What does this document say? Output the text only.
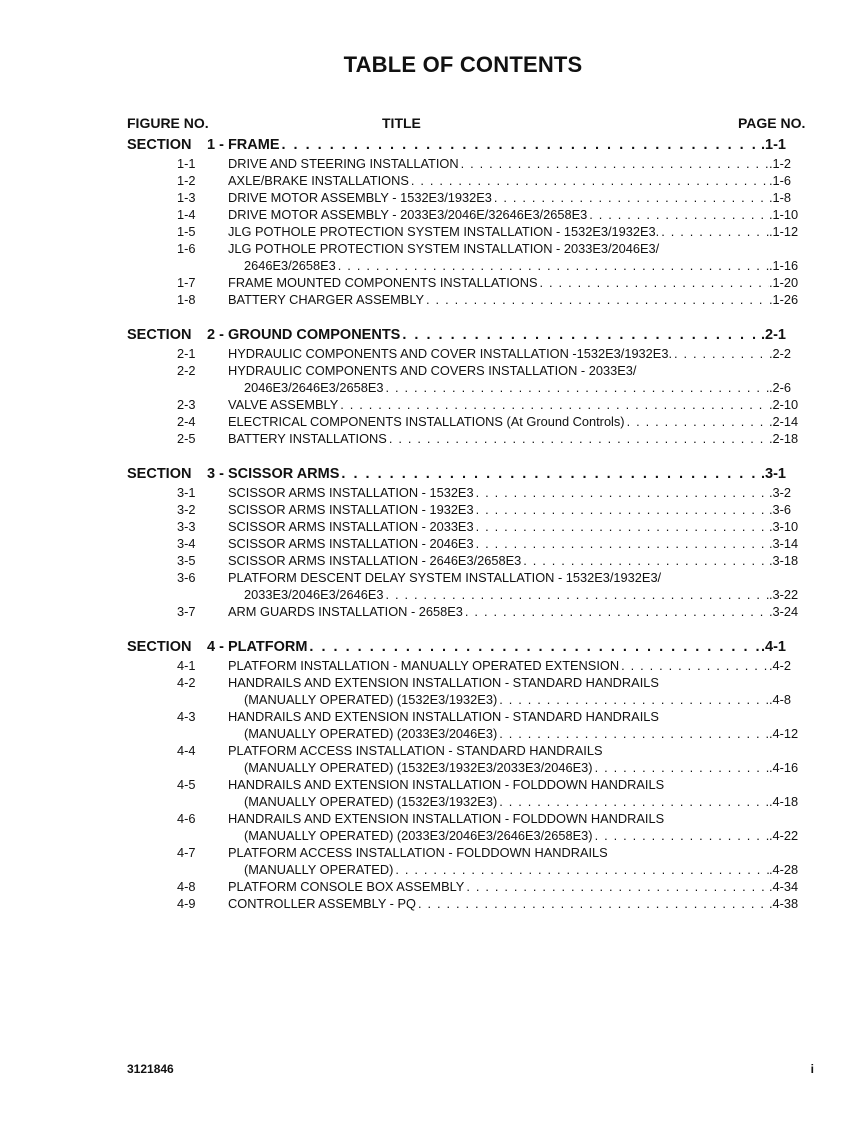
TABLE OF CONTENTS
FIGURE NO.	TITLE	PAGE NO.
SECTION	1 - FRAME . . .	.1-1
1-1	DRIVE AND STEERING INSTALLATION . . .	.1-2
1-2	AXLE/BRAKE INSTALLATIONS . . .	.1-6
1-3	DRIVE MOTOR ASSEMBLY - 1532E3/1932E3 . . .	.1-8
1-4	DRIVE MOTOR ASSEMBLY - 2033E3/2046E/32646E3/2658E3 . . .	.1-10
1-5	JLG POTHOLE PROTECTION SYSTEM INSTALLATION - 1532E3/1932E3. . . .	.1-12
1-6	JLG POTHOLE PROTECTION SYSTEM INSTALLATION - 2033E3/2046E3/
2646E3/2658E3 . . .	.1-16
1-7	FRAME MOUNTED COMPONENTS INSTALLATIONS . . .	.1-20
1-8	BATTERY CHARGER ASSEMBLY . . .	.1-26
SECTION	2 - GROUND COMPONENTS . . .	.2-1
2-1	HYDRAULIC COMPONENTS AND COVER INSTALLATION -1532E3/1932E3. . . .	.2-2
2-2	HYDRAULIC COMPONENTS AND COVERS INSTALLATION - 2033E3/
2046E3/2646E3/2658E3 . . .	.2-6
2-3	VALVE ASSEMBLY . . .	.2-10
2-4	ELECTRICAL COMPONENTS INSTALLATIONS (At Ground Controls) . . .	.2-14
2-5	BATTERY INSTALLATIONS . . .	.2-18
SECTION	3 - SCISSOR ARMS . . .	.3-1
3-1	SCISSOR ARMS INSTALLATION - 1532E3 . . .	.3-2
3-2	SCISSOR ARMS INSTALLATION - 1932E3 . . .	.3-6
3-3	SCISSOR ARMS INSTALLATION - 2033E3 . . .	.3-10
3-4	SCISSOR ARMS INSTALLATION - 2046E3 . . .	.3-14
3-5	SCISSOR ARMS INSTALLATION - 2646E3/2658E3 . . .	.3-18
3-6	PLATFORM DESCENT DELAY SYSTEM INSTALLATION - 1532E3/1932E3/
2033E3/2046E3/2646E3 . . .	.3-22
3-7	ARM GUARDS INSTALLATION - 2658E3 . . .	.3-24
SECTION	4 - PLATFORM . . .	.4-1
4-1	PLATFORM INSTALLATION - MANUALLY OPERATED EXTENSION . . .	.4-2
4-2	HANDRAILS AND EXTENSION INSTALLATION - STANDARD HANDRAILS
(MANUALLY OPERATED) (1532E3/1932E3) . . .	.4-8
4-3	HANDRAILS AND EXTENSION INSTALLATION - STANDARD HANDRAILS
(MANUALLY OPERATED) (2033E3/2046E3) . . .	.4-12
4-4	PLATFORM ACCESS INSTALLATION - STANDARD HANDRAILS
(MANUALLY OPERATED) (1532E3/1932E3/2033E3/2046E3) . . .	.4-16
4-5	HANDRAILS AND EXTENSION INSTALLATION - FOLDDOWN HANDRAILS
(MANUALLY OPERATED) (1532E3/1932E3) . . .	.4-18
4-6	HANDRAILS AND EXTENSION INSTALLATION - FOLDDOWN HANDRAILS
(MANUALLY OPERATED) (2033E3/2046E3/2646E3/2658E3) . . .	.4-22
4-7	PLATFORM ACCESS INSTALLATION - FOLDDOWN HANDRAILS
(MANUALLY OPERATED) . . .	.4-28
4-8	PLATFORM CONSOLE BOX ASSEMBLY . . .	.4-34
4-9	CONTROLLER ASSEMBLY - PQ . . .	.4-38
3121846	i
